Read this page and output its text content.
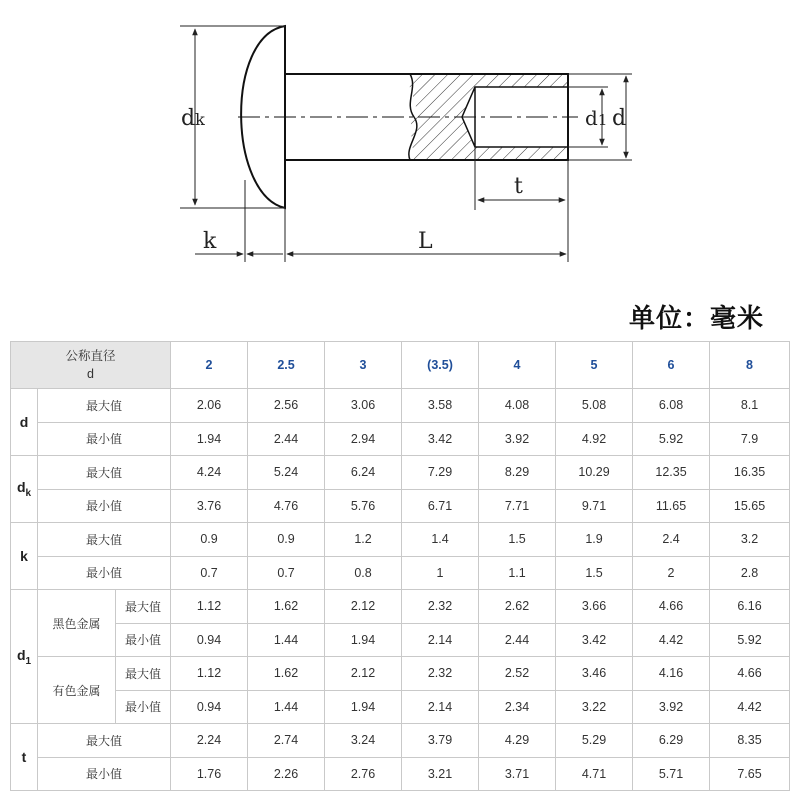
dk	d1 d
t
k	L
单位：毫米
公称直径
d			2	2.5	3	(3.5)	4	5	6	8
d	最大值		2.06	2.56	3.06	3.58	4.08	5.08	6.08	8.1
	最小值		1.94	2.44	2.94	3.42	3.92	4.92	5.92	7.9
$d_k$	最大值		4.24	5.24	6.24	7.29	8.29	10.29	12.35	16.35
	最小值		3.76	4.76	5.76	6.71	7.71	9.71	11.65	15.65
k	最大值		0.9	0.9	1.2	1.4	1.5	1.9	2.4	3.2
	最小值		0.7	0.7	0.8	1	1.1	1.5	2	2.8
$d_1$	黑色金属	最大值	1.12	1.62	2.12	2.32	2.62	3.66	4.66	6.16
		最小值	0.94	1.44	1.94	2.14	2.44	3.42	4.42	5.92
	有色金属	最大值	1.12	1.62	2.12	2.32	2.52	3.46	4.16	4.66
		最小值	0.94	1.44	1.94	2.14	2.34	3.22	3.92	4.42
t	最大值		2.24	2.74	3.24	3.79	4.29	5.29	6.29	8.35
	最小值		1.76	2.26	2.76	3.21	3.71	4.71	5.71	7.65
